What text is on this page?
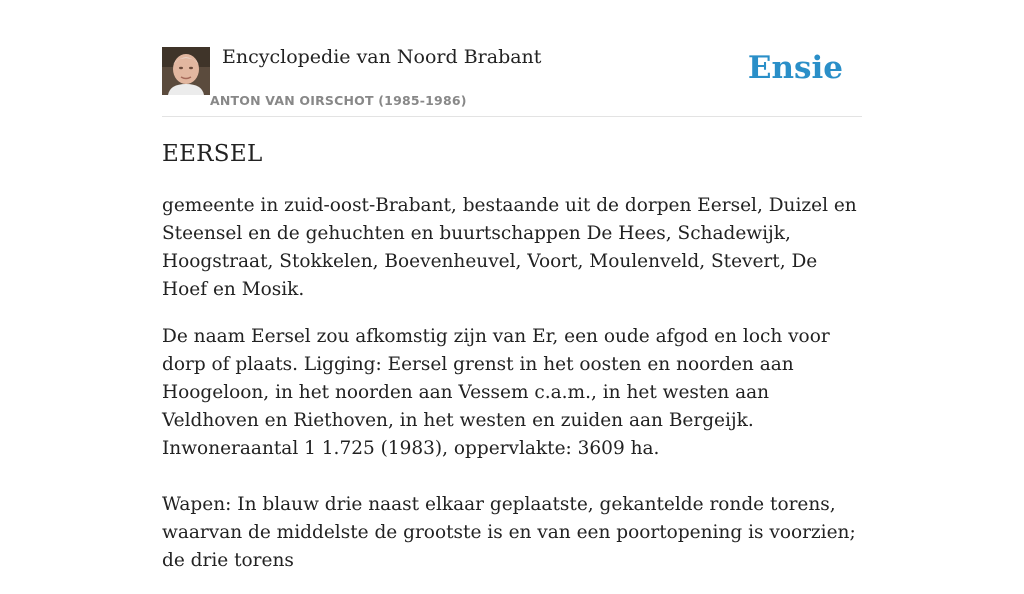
Encyclopedie van Noord Brabant
ANTON VAN OIRSCHOT (1985-1986)
Ensie
EERSEL

gemeente in zuid-oost-Brabant, bestaande uit de dorpen Eersel, Duizel en Steensel en de gehuchten en buurtschappen De Hees, Schadewijk, Hoogstraat, Stokkelen, Boevenheuvel, Voort, Moulenveld, Stevert, De Hoef en Mosik.

De naam Eersel zou afkomstig zijn van Er, een oude afgod en loch voor dorp of plaats. Ligging: Eersel grenst in het oosten en noorden aan Hoogeloon, in het noorden aan Vessem c.a.m., in het westen aan Veldhoven en Riethoven, in het westen en zuiden aan Bergeijk. Inwoneraantal 1 1.725 (1983), oppervlakte: 3609 ha.

Wapen: In blauw drie naast elkaar geplaatste, gekantelde ronde torens, waarvan de middelste de grootste is en van een poortopening is voorzien; de drie torens
